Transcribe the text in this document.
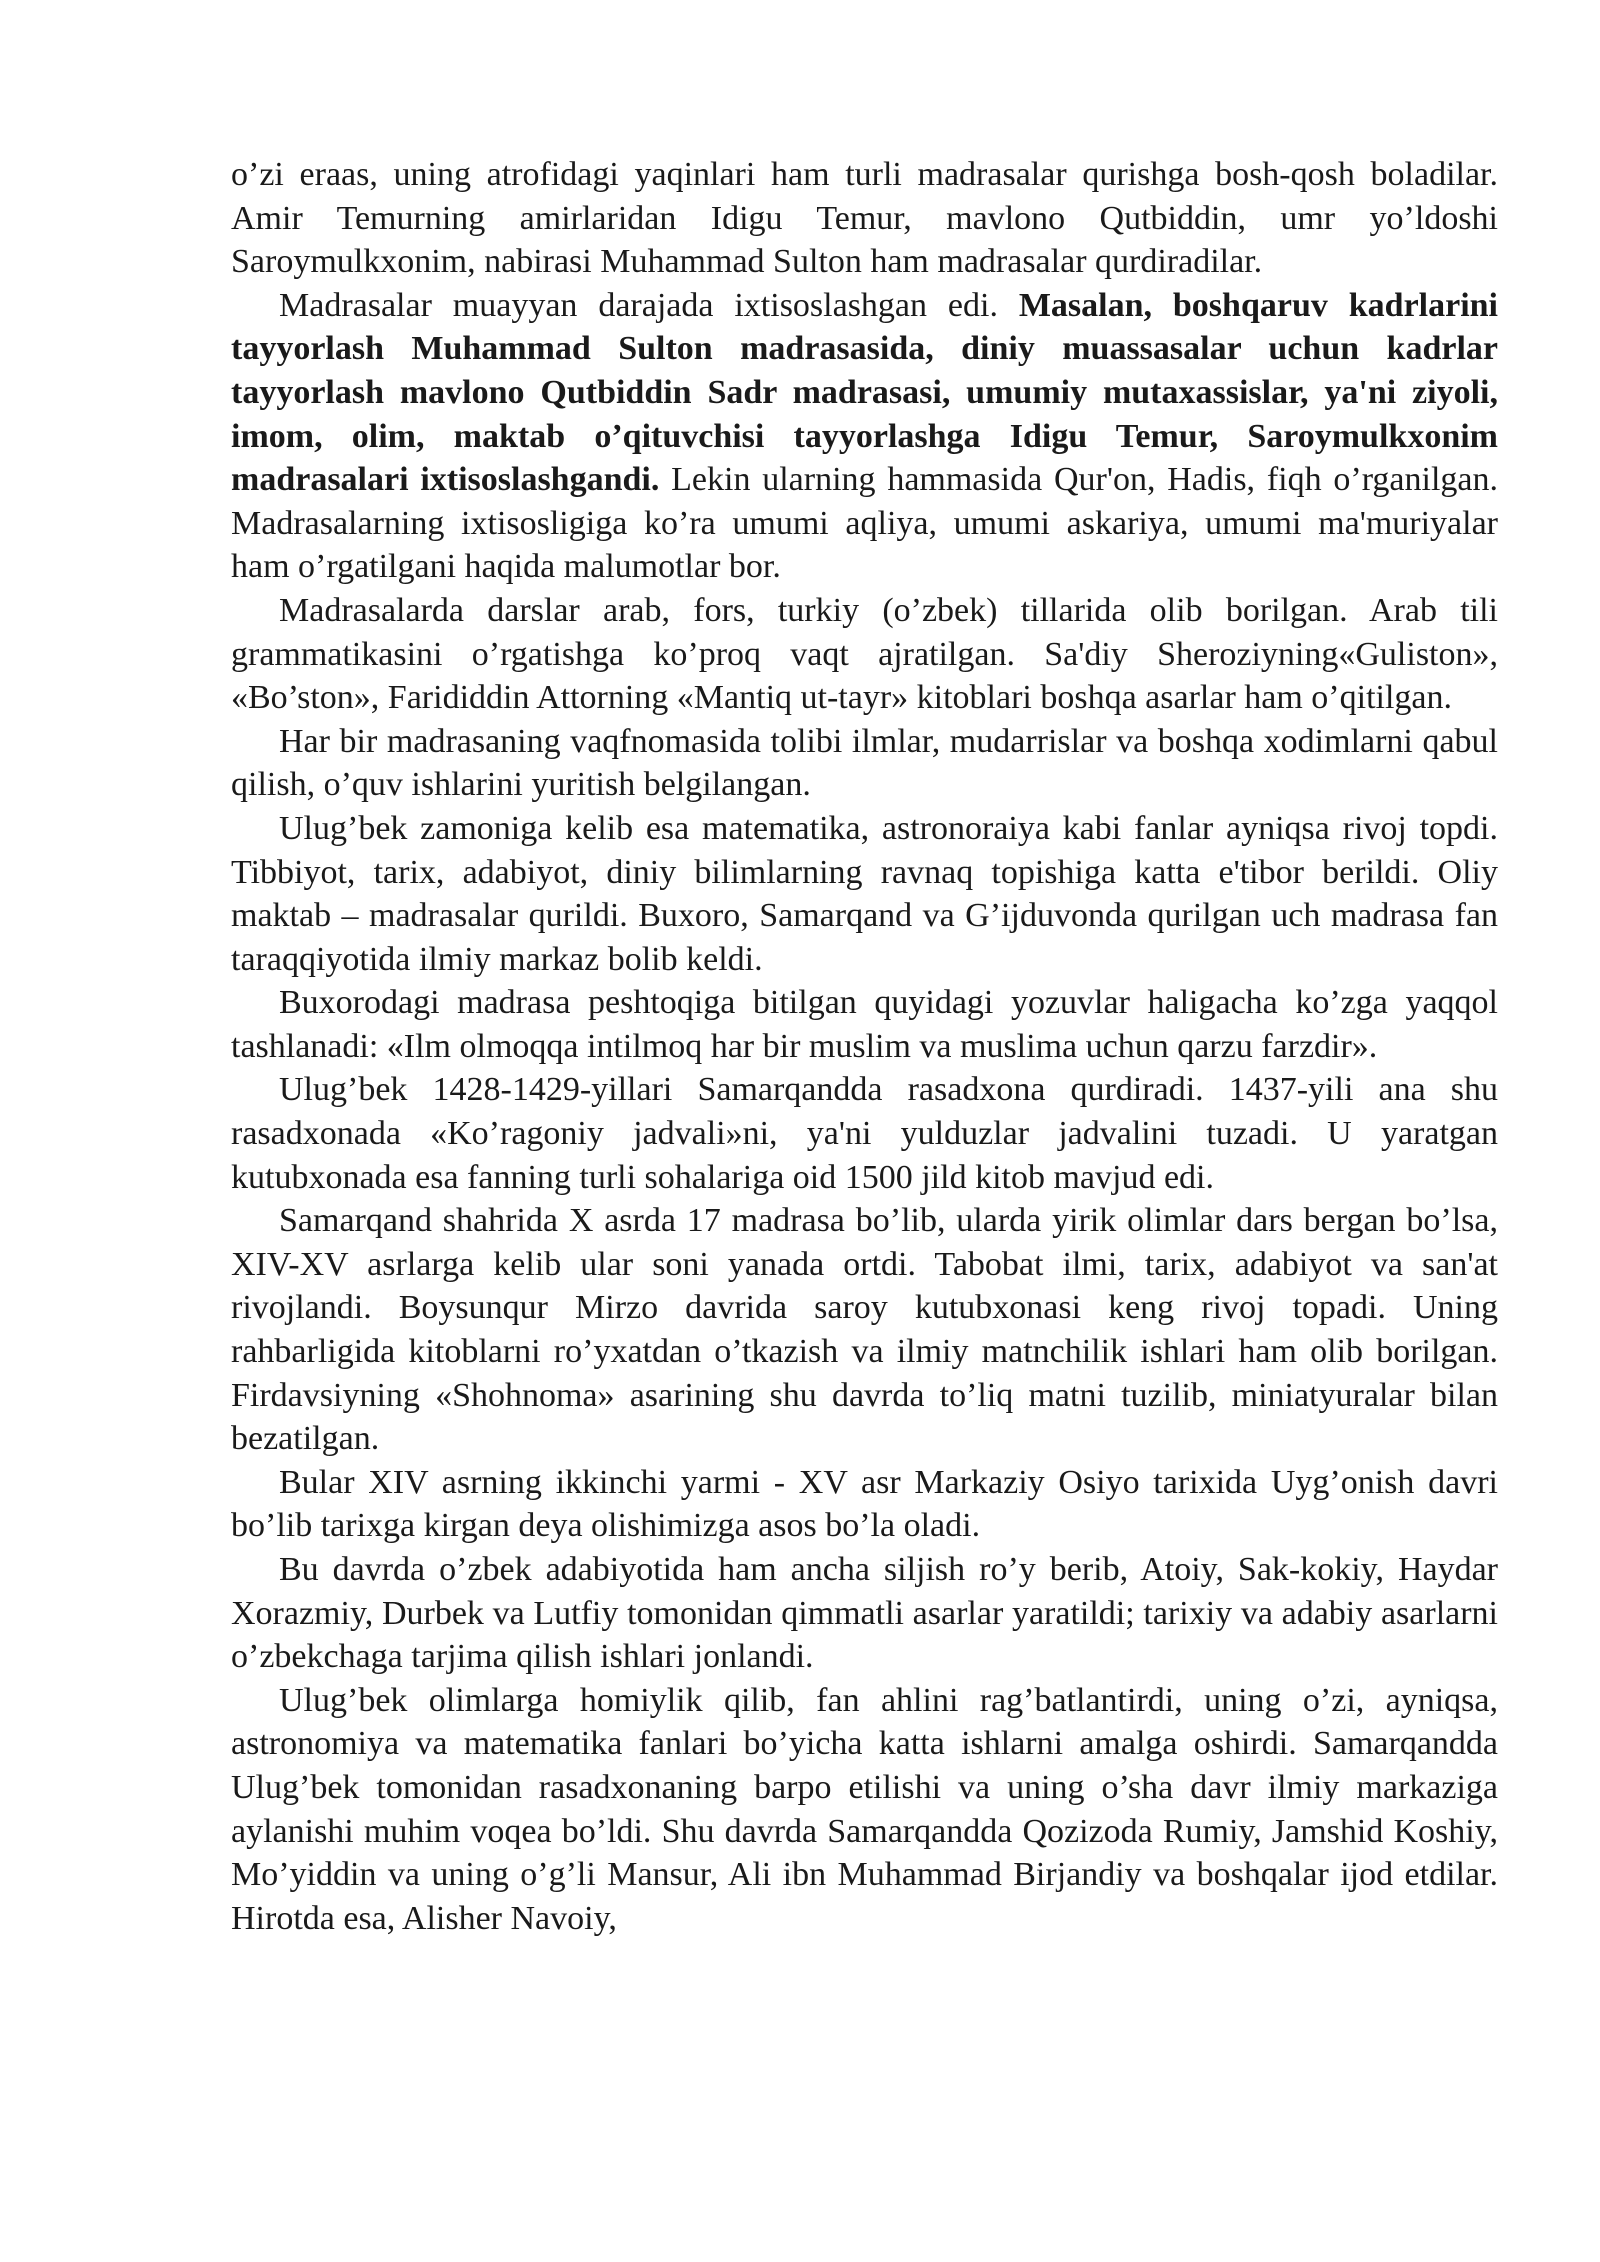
o’zi eraas, uning atrofidagi yaqinlari ham turli madrasalar qurishga bosh-qosh boladilar. Amir Temurning amirlaridan Idigu Temur, mavlono Qutbiddin, umr yo’ldoshi Saroymulkxonim, nabirasi Muhammad Sulton ham madrasalar qurdiradilar.

Madrasalar muayyan darajada ixtisoslashgan edi. Masalan, boshqaruv kadrlarini tayyorlash Muhammad Sulton madrasasida, diniy muassasalar uchun kadrlar tayyorlash mavlono Qutbiddin Sadr madrasasi, umumiy mutaxassislar, ya'ni ziyoli, imom, olim, maktab o’qituvchisi tayyorlashga Idigu Temur, Saroymulkxonim madrasalari ixtisoslashgandi. Lekin ularning hammasida Qur'on, Hadis, fiqh o’rganilgan. Madrasalarning ixtisosligiga ko’ra umumi aqliya, umumi askariya, umumi ma'muriyalar ham o’rgatilgani haqida malumotlar bor.

Madrasalarda darslar arab, fors, turkiy (o’zbek) tillarida olib borilgan. Arab tili grammatikasini o’rgatishga ko’proq vaqt ajratilgan. Sa'diy Sheroziyning«Guliston», «Bo’ston», Farididdin Attorning «Mantiq ut-tayr» kitoblari boshqa asarlar ham o’qitilgan.

Har bir madrasaning vaqfnomasida tolibi ilmlar, mudarrislar va boshqa xodimlarni qabul qilish, o’quv ishlarini yuritish belgilangan.

Ulug’bek zamoniga kelib esa matematika, astronoraiya kabi fanlar ayniqsa rivoj topdi. Tibbiyot, tarix, adabiyot, diniy bilimlarning ravnaq topishiga katta e'tibor berildi. Oliy maktab – madrasalar qurildi. Buxoro, Samarqand va G’ijduvonda qurilgan uch madrasa fan taraqqiyotida ilmiy markaz bolib keldi.

Buxorodagi madrasa peshtoqiga bitilgan quyidagi yozuvlar haligacha ko’zga yaqqol tashlanadi: «Ilm olmoqqa intilmoq har bir muslim va muslima uchun qarzu farzdir».

Ulug’bek 1428-1429-yillari Samarqandda rasadxona qurdiradi. 1437-yili ana shu rasadxonada «Ko’ragoniy jadvali»ni, ya'ni yulduzlar jadvalini tuzadi. U yaratgan kutubxonada esa fanning turli sohalariga oid 1500 jild kitob mavjud edi.

Samarqand shahrida X asrda 17 madrasa bo’lib, ularda yirik olimlar dars bergan bo’lsa, XIV-XV asrlarga kelib ular soni yanada ortdi. Tabobat ilmi, tarix, adabiyot va san'at rivojlandi. Boysunqur Mirzo davrida saroy kutubxonasi keng rivoj topadi. Uning rahbarligida kitoblarni ro’yxatdan o’tkazish va ilmiy matnchilik ishlari ham olib borilgan. Firdavsiyning «Shohnoma» asarining shu davrda to’liq matni tuzilib, miniatyuralar bilan bezatilgan.

Bular XIV asrning ikkinchi yarmi - XV asr Markaziy Osiyo tarixida Uyg’onish davri bo’lib tarixga kirgan deya olishimizga asos bo’la oladi.

Bu davrda o’zbek adabiyotida ham ancha siljish ro’y berib, Atoiy, Sak-kokiy, Haydar Xorazmiy, Durbek va Lutfiy tomonidan qimmatli asarlar yaratildi; tarixiy va adabiy asarlarni o’zbekchaga tarjima qilish ishlari jonlandi.

Ulug’bek olimlarga homiylik qilib, fan ahlini rag’batlantirdi, uning o’zi, ayniqsa, astronomiya va matematika fanlari bo’yicha katta ishlarni amalga oshirdi. Samarqandda Ulug’bek tomonidan rasadxonaning barpo etilishi va uning o’sha davr ilmiy markaziga aylanishi muhim voqea bo’ldi. Shu davrda Samarqandda Qozizoda Rumiy, Jamshid Koshiy, Mo’yiddin va uning o’g’li Mansur, Ali ibn Muhammad Birjandiy va boshqalar ijod etdilar. Hirotda esa, Alisher Navoiy,
